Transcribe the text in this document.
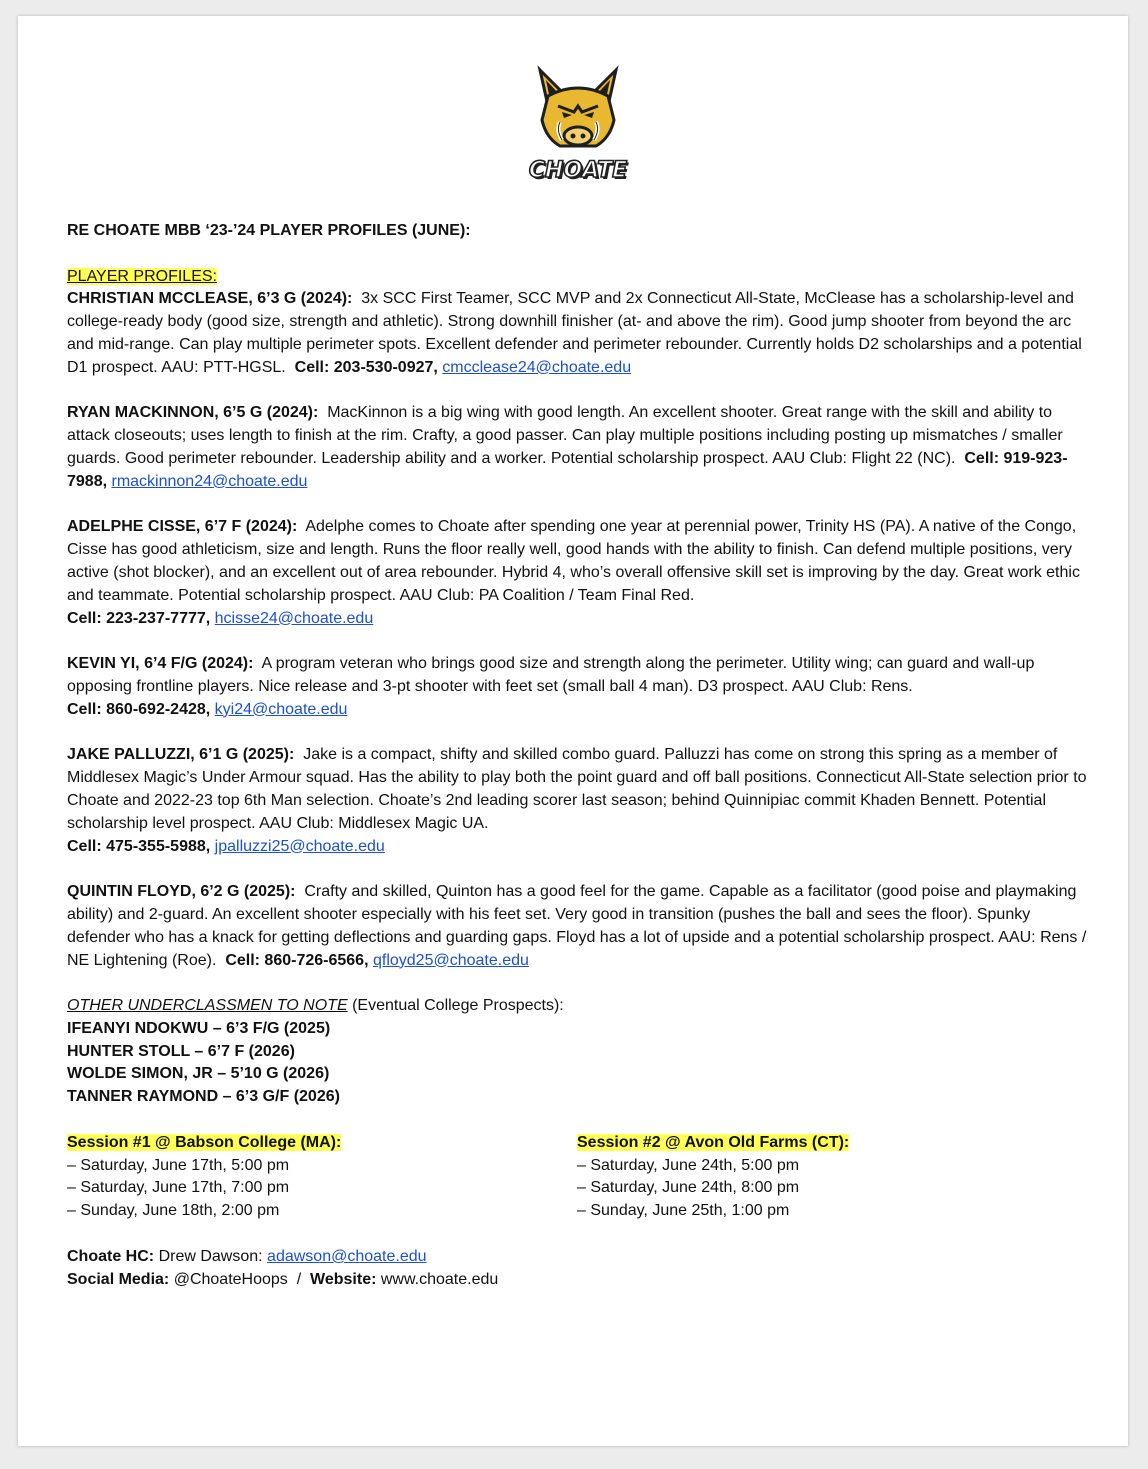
CHOATE

RE CHOATE MBB ‘23-’24 PLAYER PROFILES (JUNE):

PLAYER PROFILES:

CHRISTIAN MCCLEASE, 6’3 G (2024): 3x SCC First Teamer, SCC MVP and 2x Connecticut All-State, McClease has a scholarship-level and college-ready body (good size, strength and athletic). Strong downhill finisher (at- and above the rim). Good jump shooter from beyond the arc and mid-range. Can play multiple perimeter spots. Excellent defender and perimeter rebounder. Currently holds D2 scholarships and a potential D1 prospect. AAU: PTT-HGSL. Cell: 203-530-0927, cmcclease24@choate.edu

RYAN MACKINNON, 6’5 G (2024): MacKinnon is a big wing with good length. An excellent shooter. Great range with the skill and ability to attack closeouts; uses length to finish at the rim. Crafty, a good passer. Can play multiple positions including posting up mismatches / smaller guards. Good perimeter rebounder. Leadership ability and a worker. Potential scholarship prospect. AAU Club: Flight 22 (NC). Cell: 919-923-7988, rmackinnon24@choate.edu

ADELPHE CISSE, 6’7 F (2024): Adelphe comes to Choate after spending one year at perennial power, Trinity HS (PA). A native of the Congo, Cisse has good athleticism, size and length. Runs the floor really well, good hands with the ability to finish. Can defend multiple positions, very active (shot blocker), and an excellent out of area rebounder. Hybrid 4, who’s overall offensive skill set is improving by the day. Great work ethic and teammate. Potential scholarship prospect. AAU Club: PA Coalition / Team Final Red.
Cell: 223-237-7777, hcisse24@choate.edu

KEVIN YI, 6’4 F/G (2024): A program veteran who brings good size and strength along the perimeter. Utility wing; can guard and wall-up opposing frontline players. Nice release and 3-pt shooter with feet set (small ball 4 man). D3 prospect. AAU Club: Rens.
Cell: 860-692-2428, kyi24@choate.edu

JAKE PALLUZZI, 6’1 G (2025): Jake is a compact, shifty and skilled combo guard. Palluzzi has come on strong this spring as a member of Middlesex Magic’s Under Armour squad. Has the ability to play both the point guard and off ball positions. Connecticut All-State selection prior to Choate and 2022-23 top 6th Man selection. Choate’s 2nd leading scorer last season; behind Quinnipiac commit Khaden Bennett. Potential scholarship level prospect. AAU Club: Middlesex Magic UA.
Cell: 475-355-5988, jpalluzzi25@choate.edu

QUINTIN FLOYD, 6’2 G (2025): Crafty and skilled, Quinton has a good feel for the game. Capable as a facilitator (good poise and playmaking ability) and 2-guard. An excellent shooter especially with his feet set. Very good in transition (pushes the ball and sees the floor). Spunky defender who has a knack for getting deflections and guarding gaps. Floyd has a lot of upside and a potential scholarship prospect. AAU: Rens / NE Lightening (Roe). Cell: 860-726-6566, qfloyd25@choate.edu

OTHER UNDERCLASSMEN TO NOTE (Eventual College Prospects):

IFEANYI NDOKWU – 6’3 F/G (2025)

HUNTER STOLL – 6’7 F (2026)

WOLDE SIMON, JR – 5’10 G (2026)

TANNER RAYMOND – 6’3 G/F (2026)

Session #1 @ Babson College (MA):

– Saturday, June 17th, 5:00 pm

– Saturday, June 17th, 7:00 pm

– Sunday, June 18th, 2:00 pm

Session #2 @ Avon Old Farms (CT):

– Saturday, June 24th, 5:00 pm

– Saturday, June 24th, 8:00 pm

– Sunday, June 25th, 1:00 pm

Choate HC: Drew Dawson: adawson@choate.edu

Social Media: @ChoateHoops / Website: www.choate.edu
